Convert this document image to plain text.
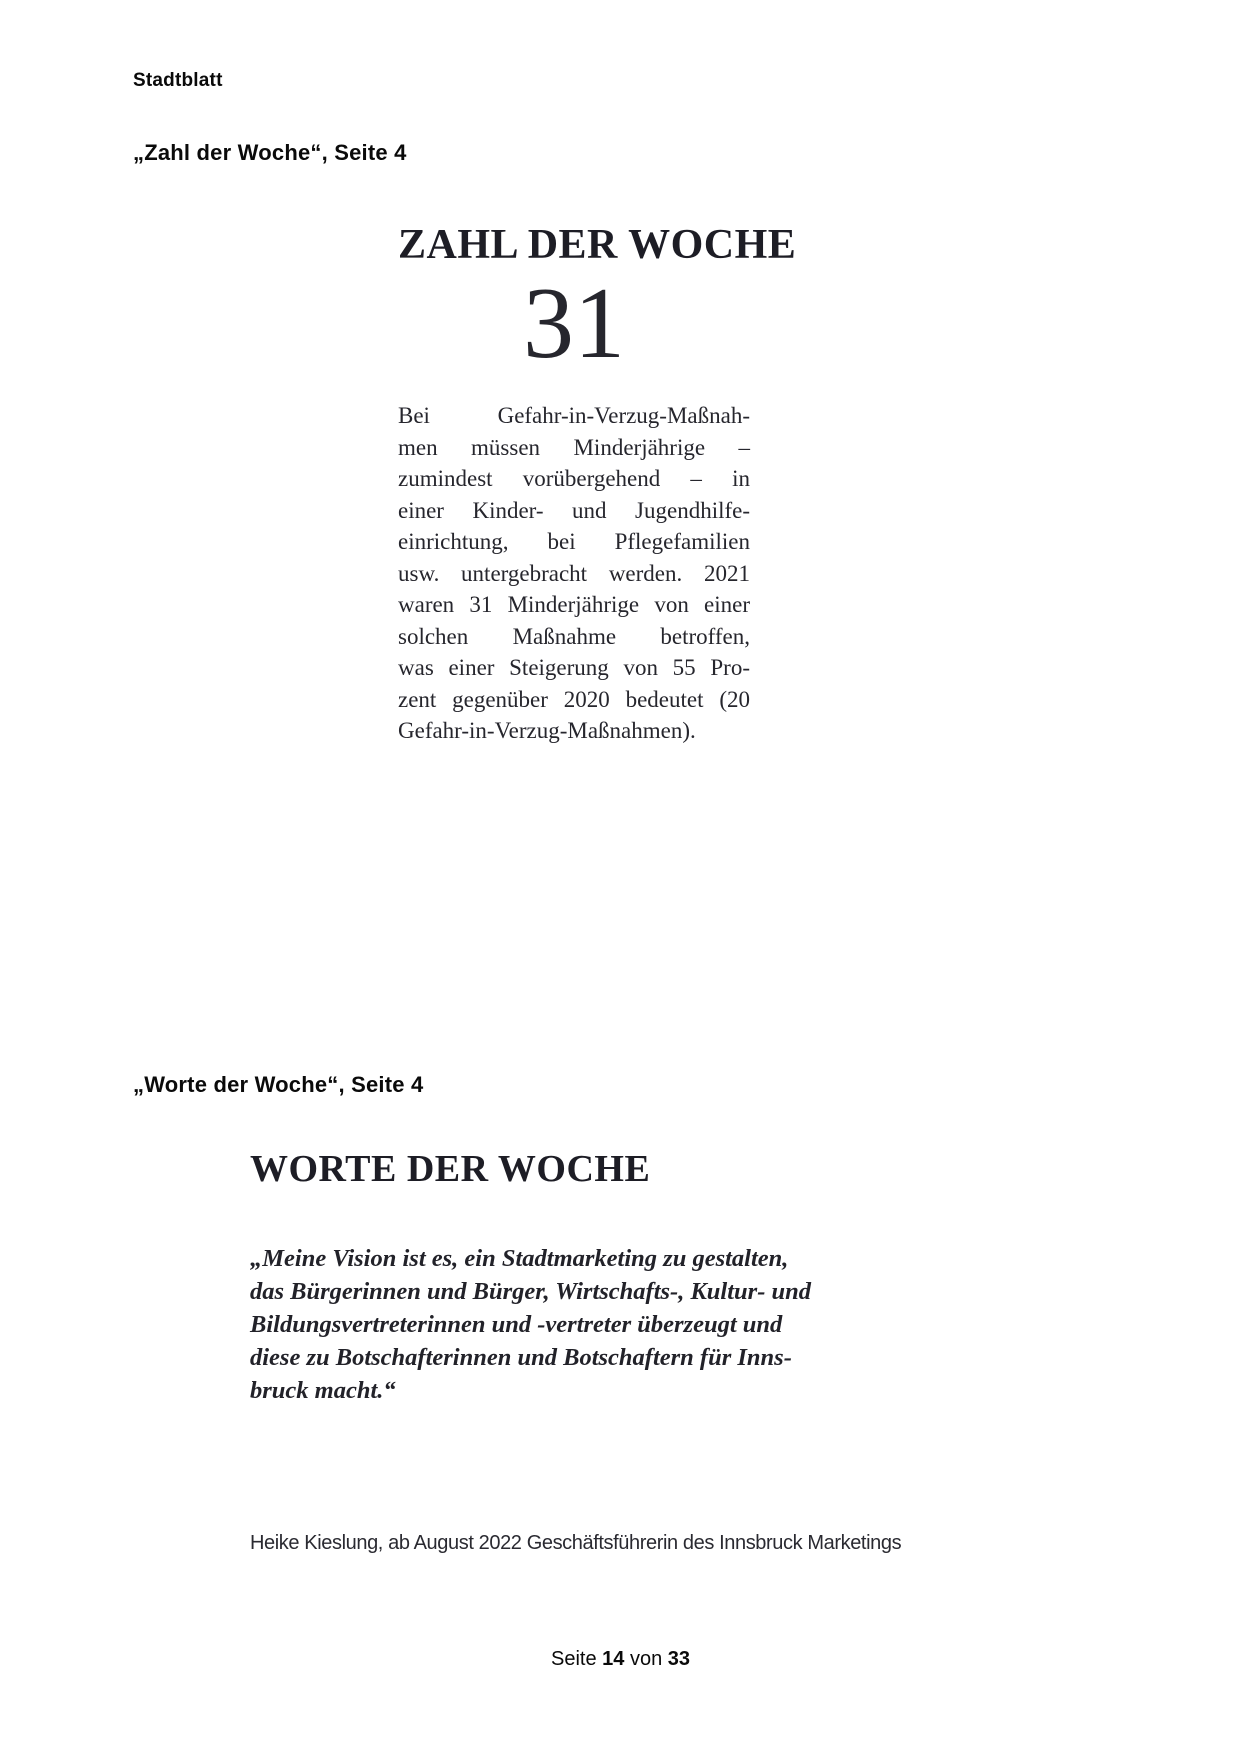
Stadtblatt
„Zahl der Woche“, Seite 4
ZAHL DER WOCHE
31
Bei Gefahr-in-Verzug-Maßnah-
men müssen Minderjährige –
zumindest vorübergehend – in
einer Kinder- und Jugendhilfe-
einrichtung, bei Pflegefamilien
usw. untergebracht werden. 2021
waren 31 Minderjährige von einer
solchen Maßnahme betroffen,
was einer Steigerung von 55 Pro-
zent gegenüber 2020 bedeutet (20
Gefahr-in-Verzug-Maßnahmen).
„Worte der Woche“, Seite 4
WORTE DER WOCHE
„Meine Vision ist es, ein Stadtmarketing zu gestalten,
das Bürgerinnen und Bürger, Wirtschafts-, Kultur- und
Bildungsvertreterinnen und -vertreter überzeugt und
diese zu Botschafterinnen und Botschaftern für Inns-
bruck macht.“
Heike Kieslung, ab August 2022 Geschäftsführerin des Innsbruck Marketings
Seite 14 von 33
